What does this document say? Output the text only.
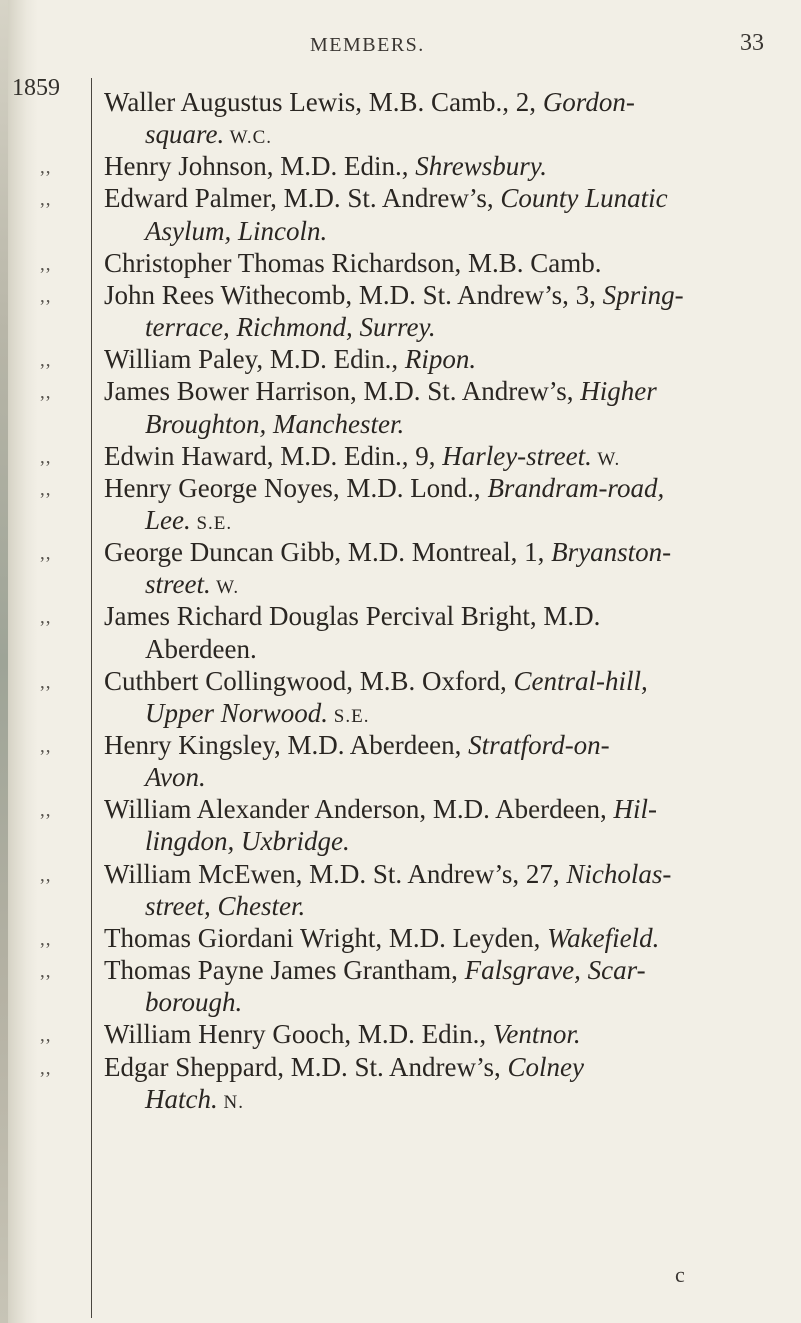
MEMBERS.	33
1859 Waller Augustus Lewis, M.B. Camb., 2, Gordon-
square. W.C.
,, Henry Johnson, M.D. Edin., Shrewsbury.
,, Edward Palmer, M.D. St. Andrew’s, County Lunatic
Asylum, Lincoln.
,, Christopher Thomas Richardson, M.B. Camb.
,, John Rees Withecomb, M.D. St. Andrew’s, 3, Spring-
terrace, Richmond, Surrey.
,, William Paley, M.D. Edin., Ripon.
,, James Bower Harrison, M.D. St. Andrew’s, Higher
Broughton, Manchester.
,, Edwin Haward, M.D. Edin., 9, Harley-street. W.
,, Henry George Noyes, M.D. Lond., Brandram-road,
Lee. S.E.
,, George Duncan Gibb, M.D. Montreal, 1, Bryanston-
street. W.
,, James Richard Douglas Percival Bright, M.D.
Aberdeen.
,, Cuthbert Collingwood, M.B. Oxford, Central-hill,
Upper Norwood. S.E.
,, Henry Kingsley, M.D. Aberdeen, Stratford-on-
Avon.
,, William Alexander Anderson, M.D. Aberdeen, Hil-
lingdon, Uxbridge.
,, William McEwen, M.D. St. Andrew’s, 27, Nicholas-
street, Chester.
,, Thomas Giordani Wright, M.D. Leyden, Wakefield.
,, Thomas Payne James Grantham, Falsgrave, Scar-
borough.
,, William Henry Gooch, M.D. Edin., Ventnor.
,, Edgar Sheppard, M.D. St. Andrew’s, Colney
Hatch. N.
c
